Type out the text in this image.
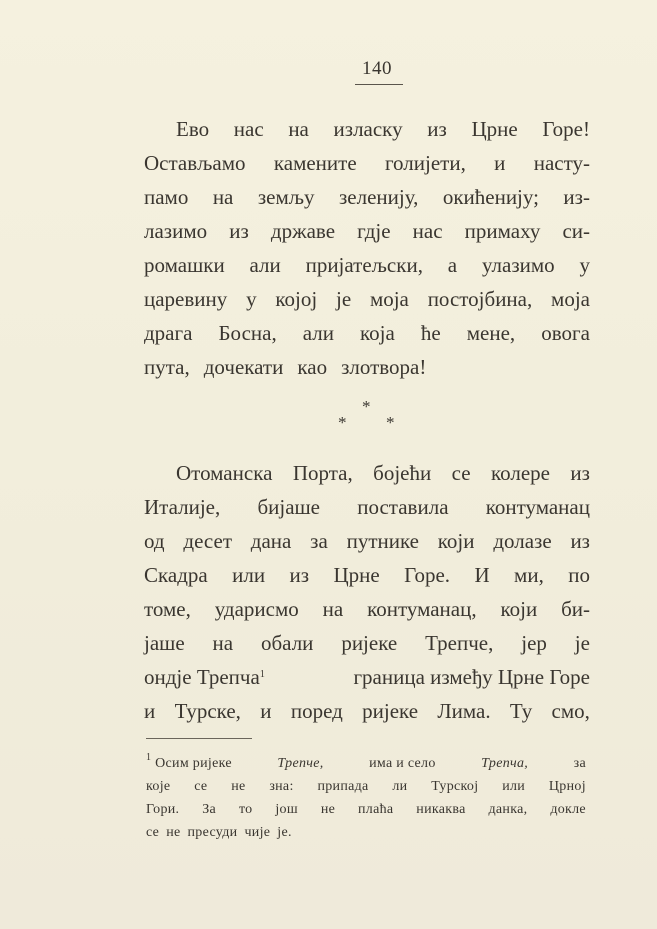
140
Ево нас на изласку из Црне Горе!
Остављамо камените голијети, и насту-
памо на земљу зеленију, окићенију; из-
лазимо из државе гдје нас примаху си-
ромашки али пријатељски, а улазимо у
царевину у којој је моја постојбина, моја
драга Босна, али која ће мене, овога
пута, дочекати као злотвора!
*
* *
Отоманска Порта, бојећи се колере из
Италије, бијаше поставила контуманац
од десет дана за путнике који долазе из
Скадра или из Црне Горе. И ми, по
томе, ударисмо на контуманац, који би-
јаше на обали ријеке Трепче, јер је
ондје Трепча$^1$	граница између Црне Горе
и Турске, и поред ријеке Лима. Ту смо,
$^1$ Осим ријеке	Трепче,	има и село	Трепча,	за
које се не зна: припада ли Турској или Црној
Гори. За то још не плаћа никаква данка, докле
се не пресуди чије је.
